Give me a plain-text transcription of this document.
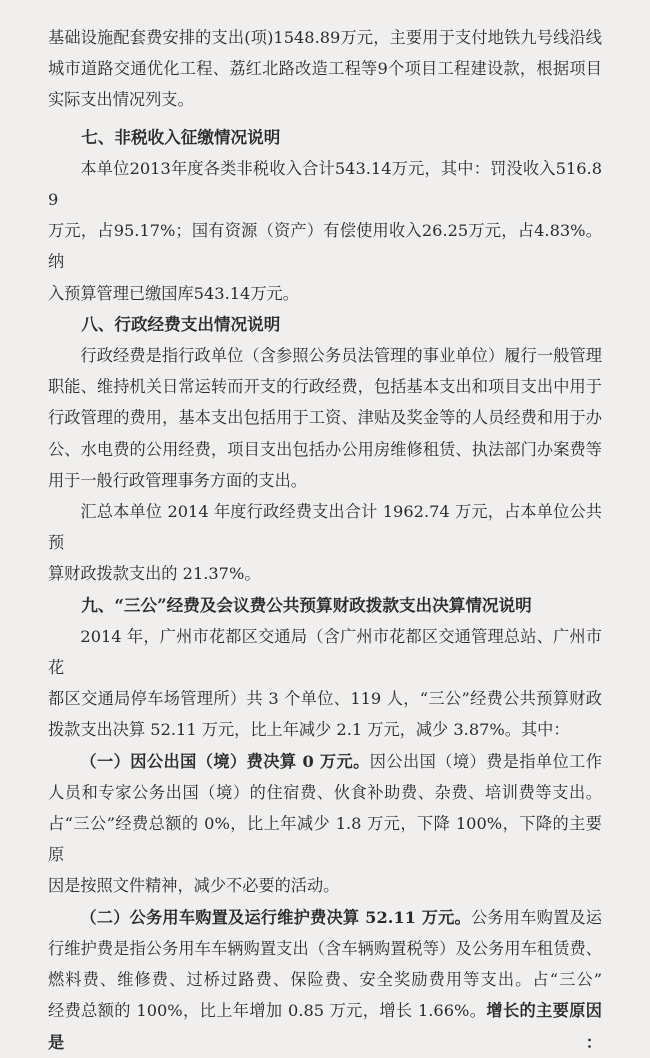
基础设施配套费安排的支出(项)1548.89万元，主要用于支付地铁九号线沿线

城市道路交通优化工程、荔红北路改造工程等9个项目工程建设款，根据项目

实际支出情况列支。

七、非税收入征缴情况说明

本单位2013年度各类非税收入合计543.14万元，其中：罚没收入516.89

万元，占95.17%；国有资源（资产）有偿使用收入26.25万元，占4.83%。纳

入预算管理已缴国库543.14万元。

八、行政经费支出情况说明

行政经费是指行政单位（含参照公务员法管理的事业单位）履行一般管理

职能、维持机关日常运转而开支的行政经费，包括基本支出和项目支出中用于

行政管理的费用，基本支出包括用于工资、津贴及奖金等的人员经费和用于办

公、水电费的公用经费，项目支出包括办公用房维修租赁、执法部门办案费等

用于一般行政管理事务方面的支出。

汇总本单位 2014 年度行政经费支出合计 1962.74 万元，占本单位公共预

算财政拨款支出的 21.37%。

九、“三公”经费及会议费公共预算财政拨款支出决算情况说明

2014 年，广州市花都区交通局（含广州市花都区交通管理总站、广州市花

都区交通局停车场管理所）共 3 个单位、119 人，“三公”经费公共预算财政

拨款支出决算 52.11 万元，比上年减少 2.1 万元，减少 3.87%。其中：

（一）因公出国（境）费决算 0 万元。因公出国（境）费是指单位工作

人员和专家公务出国（境）的住宿费、伙食补助费、杂费、培训费等支出。

占“三公”经费总额的 0%，比上年减少 1.8 万元，下降 100%，下降的主要原

因是按照文件精神，减少不必要的活动。

（二）公务用车购置及运行维护费决算 52.11 万元。公务用车购置及运

行维护费是指公务用车车辆购置支出（含车辆购置税等）及公务用车租赁费、

燃料费、维修费、过桥过路费、保险费、安全奖励费用等支出。占“三公”

经费总额的 100%，比上年增加 0.85 万元，增长 1.66%。增长的主要原因是：
